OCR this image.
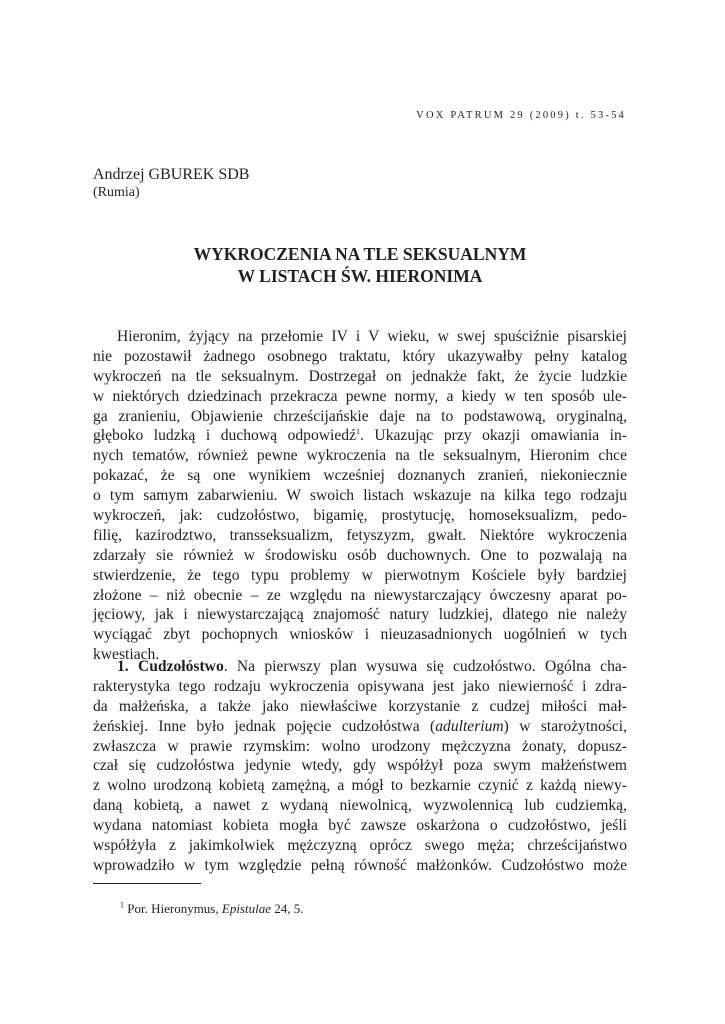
VOX PATRUM 29 (2009) t. 53-54
Andrzej GBUREK SDB
(Rumia)
WYKROCZENIA NA TLE SEKSUALNYM
W LISTACH ŚW. HIERONIMA
Hieronim, żyjący na przełomie IV i V wieku, w swej spuściźnie pisarskiej
nie pozostawił żadnego osobnego traktatu, który ukazywałby pełny katalog
wykroczeń na tle seksualnym. Dostrzegał on jednakże fakt, że życie ludzkie
w niektórych dziedzinach przekracza pewne normy, a kiedy w ten sposób ule-
ga zranieniu, Objawienie chrześcijańskie daje na to podstawową, oryginalną,
głęboko ludzką i duchową odpowiedź$^1$. Ukazując przy okazji omawiania in-
nych tematów, również pewne wykroczenia na tle seksualnym, Hieronim chce
pokazać, że są one wynikiem wcześniej doznanych zranień, niekoniecznie
o tym samym zabarwieniu. W swoich listach wskazuje na kilka tego rodzaju
wykroczeń, jak: cudzołóstwo, bigamię, prostytucję, homoseksualizm, pedo-
filię, kazirodztwo, transseksualizm, fetyszyzm, gwałt. Niektóre wykroczenia
zdarzały sie również w środowisku osób duchownych. One to pozwalają na
stwierdzenie, że tego typu problemy w pierwotnym Kościele były bardziej
złożone – niż obecnie – ze względu na niewystarczający ówczesny aparat po-
jęciowy, jak i niewystarczającą znajomość natury ludzkiej, dlatego nie należy
wyciągać zbyt pochopnych wniosków i nieuzasadnionych uogólnień w tych
kwestiach.
1. Cudzołóstwo. Na pierwszy plan wysuwa się cudzołóstwo. Ogólna cha-
rakterystyka tego rodzaju wykroczenia opisywana jest jako niewierność i zdra-
da małżeńska, a także jako niewłaściwe korzystanie z cudzej miłości mał-
żeńskiej. Inne było jednak pojęcie cudzołóstwa (adulterium) w starożytności,
zwłaszcza w prawie rzymskim: wolno urodzony mężczyzna żonaty, dopusz-
czał się cudzołóstwa jedynie wtedy, gdy współżył poza swym małżeństwem
z wolno urodzoną kobietą zamężną, a mógł to bezkarnie czynić z każdą niewy-
daną kobietą, a nawet z wydaną niewolnicą, wyzwolennicą lub cudziemką,
wydana natomiast kobieta mogła być zawsze oskarżona o cudzołóstwo, jeśli
współżyła z jakimkolwiek mężczyzną oprócz swego męża; chrześcijaństwo
wprowadziło w tym względzie pełną równość małżonków. Cudzołóstwo może
$^1$ Por. Hieronymus, Epistulae 24, 5.
